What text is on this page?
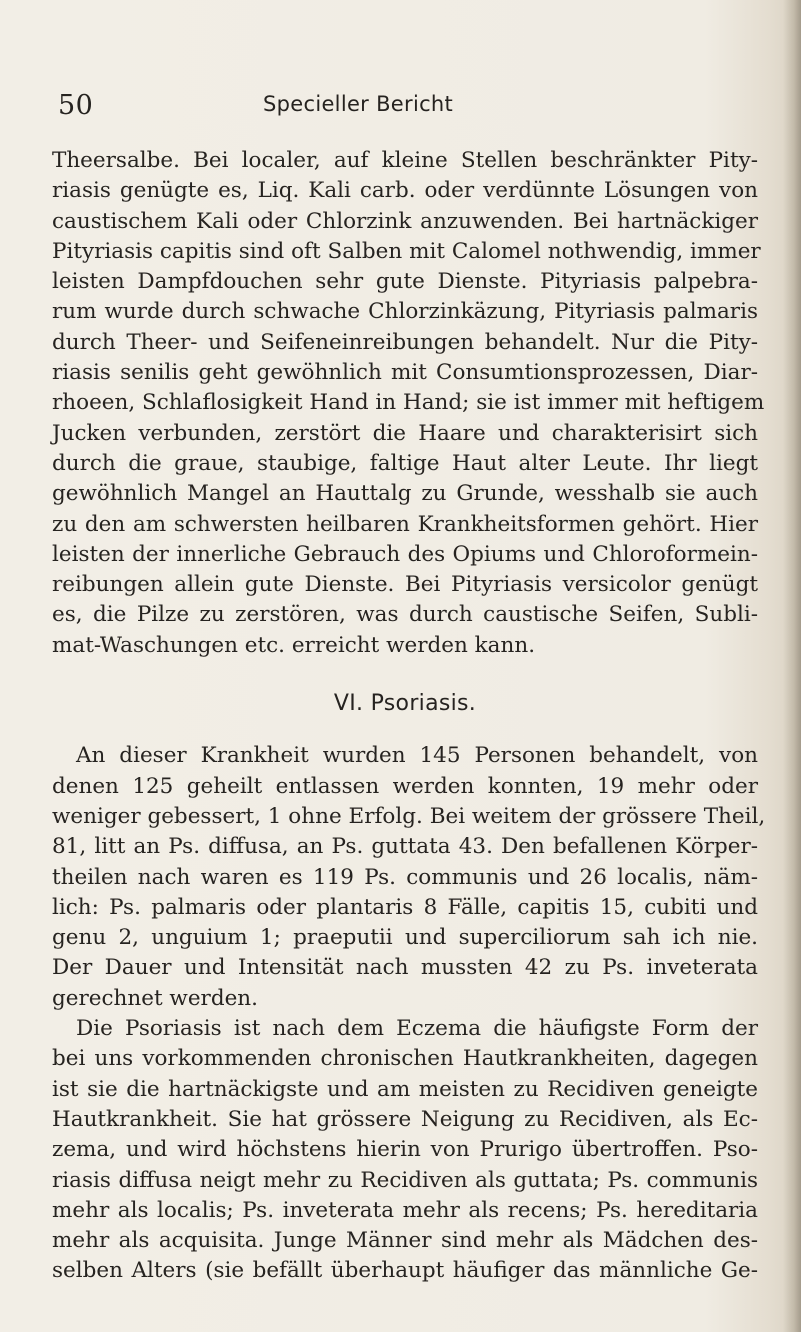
50	Specieller Bericht
Theersalbe. Bei localer, auf kleine Stellen beschränkter Pity-
riasis genügte es, Liq. Kali carb. oder verdünnte Lösungen von
caustischem Kali oder Chlorzink anzuwenden. Bei hartnäckiger
Pityriasis capitis sind oft Salben mit Calomel nothwendig, immer
leisten Dampfdouchen sehr gute Dienste. Pityriasis palpebra-
rum wurde durch schwache Chlorzinkäzung, Pityriasis palmaris
durch Theer- und Seifeneinreibungen behandelt. Nur die Pity-
riasis senilis geht gewöhnlich mit Consumtionsprozessen, Diar-
rhoeen, Schlaflosigkeit Hand in Hand; sie ist immer mit heftigem
Jucken verbunden, zerstört die Haare und charakterisirt sich
durch die graue, staubige, faltige Haut alter Leute. Ihr liegt
gewöhnlich Mangel an Hauttalg zu Grunde, wesshalb sie auch
zu den am schwersten heilbaren Krankheitsformen gehört. Hier
leisten der innerliche Gebrauch des Opiums und Chloroformein-
reibungen allein gute Dienste. Bei Pityriasis versicolor genügt
es, die Pilze zu zerstören, was durch caustische Seifen, Subli-
mat-Waschungen etc. erreicht werden kann.
VI. Psoriasis.
An dieser Krankheit wurden 145 Personen behandelt, von
denen 125 geheilt entlassen werden konnten, 19 mehr oder
weniger gebessert, 1 ohne Erfolg. Bei weitem der grössere Theil,
81, litt an Ps. diffusa, an Ps. guttata 43. Den befallenen Körper-
theilen nach waren es 119 Ps. communis und 26 localis, näm-
lich: Ps. palmaris oder plantaris 8 Fälle, capitis 15, cubiti und
genu 2, unguium 1; praeputii und superciliorum sah ich nie.
Der Dauer und Intensität nach mussten 42 zu Ps. inveterata
gerechnet werden.
Die Psoriasis ist nach dem Eczema die häufigste Form der
bei uns vorkommenden chronischen Hautkrankheiten, dagegen
ist sie die hartnäckigste und am meisten zu Recidiven geneigte
Hautkrankheit. Sie hat grössere Neigung zu Recidiven, als Ec-
zema, und wird höchstens hierin von Prurigo übertroffen. Pso-
riasis diffusa neigt mehr zu Recidiven als guttata; Ps. communis
mehr als localis; Ps. inveterata mehr als recens; Ps. hereditaria
mehr als acquisita. Junge Männer sind mehr als Mädchen des-
selben Alters (sie befällt überhaupt häufiger das männliche Ge-
